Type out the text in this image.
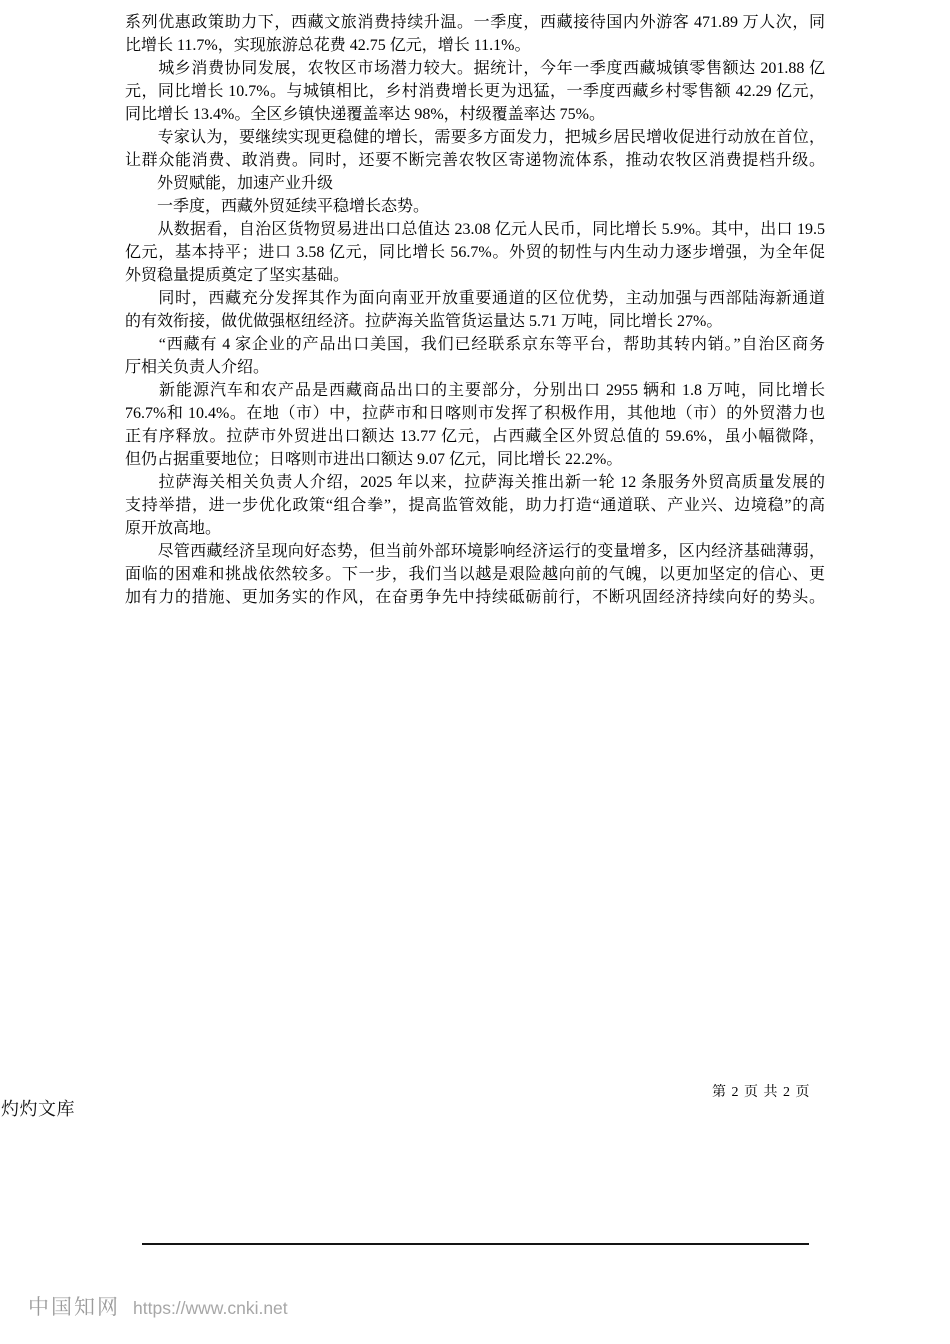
系列优惠政策助力下，西藏文旅消费持续升温。一季度，西藏接待国内外游客 471.89 万人次，同
比增长 11.7%，实现旅游总花费 42.75 亿元，增长 11.1%。
　　城乡消费协同发展，农牧区市场潜力较大。据统计，今年一季度西藏城镇零售额达 201.88 亿
元，同比增长 10.7%。与城镇相比，乡村消费增长更为迅猛，一季度西藏乡村零售额 42.29 亿元，
同比增长 13.4%。全区乡镇快递覆盖率达 98%，村级覆盖率达 75%。
　　专家认为，要继续实现更稳健的增长，需要多方面发力，把城乡居民增收促进行动放在首位，
让群众能消费、敢消费。同时，还要不断完善农牧区寄递物流体系，推动农牧区消费提档升级。
　　外贸赋能，加速产业升级
　　一季度，西藏外贸延续平稳增长态势。
　　从数据看，自治区货物贸易进出口总值达 23.08 亿元人民币，同比增长 5.9%。其中，出口 19.5
亿元，基本持平；进口 3.58 亿元，同比增长 56.7%。外贸的韧性与内生动力逐步增强，为全年促
外贸稳量提质奠定了坚实基础。
　　同时，西藏充分发挥其作为面向南亚开放重要通道的区位优势，主动加强与西部陆海新通道
的有效衔接，做优做强枢纽经济。拉萨海关监管货运量达 5.71 万吨，同比增长 27%。
　　“西藏有 4 家企业的产品出口美国，我们已经联系京东等平台，帮助其转内销。”自治区商务
厅相关负责人介绍。
　　新能源汽车和农产品是西藏商品出口的主要部分，分别出口 2955 辆和 1.8 万吨，同比增长
76.7%和 10.4%。在地（市）中，拉萨市和日喀则市发挥了积极作用，其他地（市）的外贸潜力也
正有序释放。拉萨市外贸进出口额达 13.77 亿元，占西藏全区外贸总值的 59.6%，虽小幅微降，
但仍占据重要地位；日喀则市进出口额达 9.07 亿元，同比增长 22.2%。
　　拉萨海关相关负责人介绍，2025 年以来，拉萨海关推出新一轮 12 条服务外贸高质量发展的
支持举措，进一步优化政策“组合拳”，提高监管效能，助力打造“通道联、产业兴、边境稳”的高
原开放高地。
　　尽管西藏经济呈现向好态势，但当前外部环境影响经济运行的变量增多，区内经济基础薄弱，
面临的困难和挑战依然较多。下一步，我们当以越是艰险越向前的气魄，以更加坚定的信心、更
加有力的措施、更加务实的作风，在奋勇争先中持续砥砺前行，不断巩固经济持续向好的势头。
第 2 页 共 2 页
灼灼文库
中国知网 https://www.cnki.net
